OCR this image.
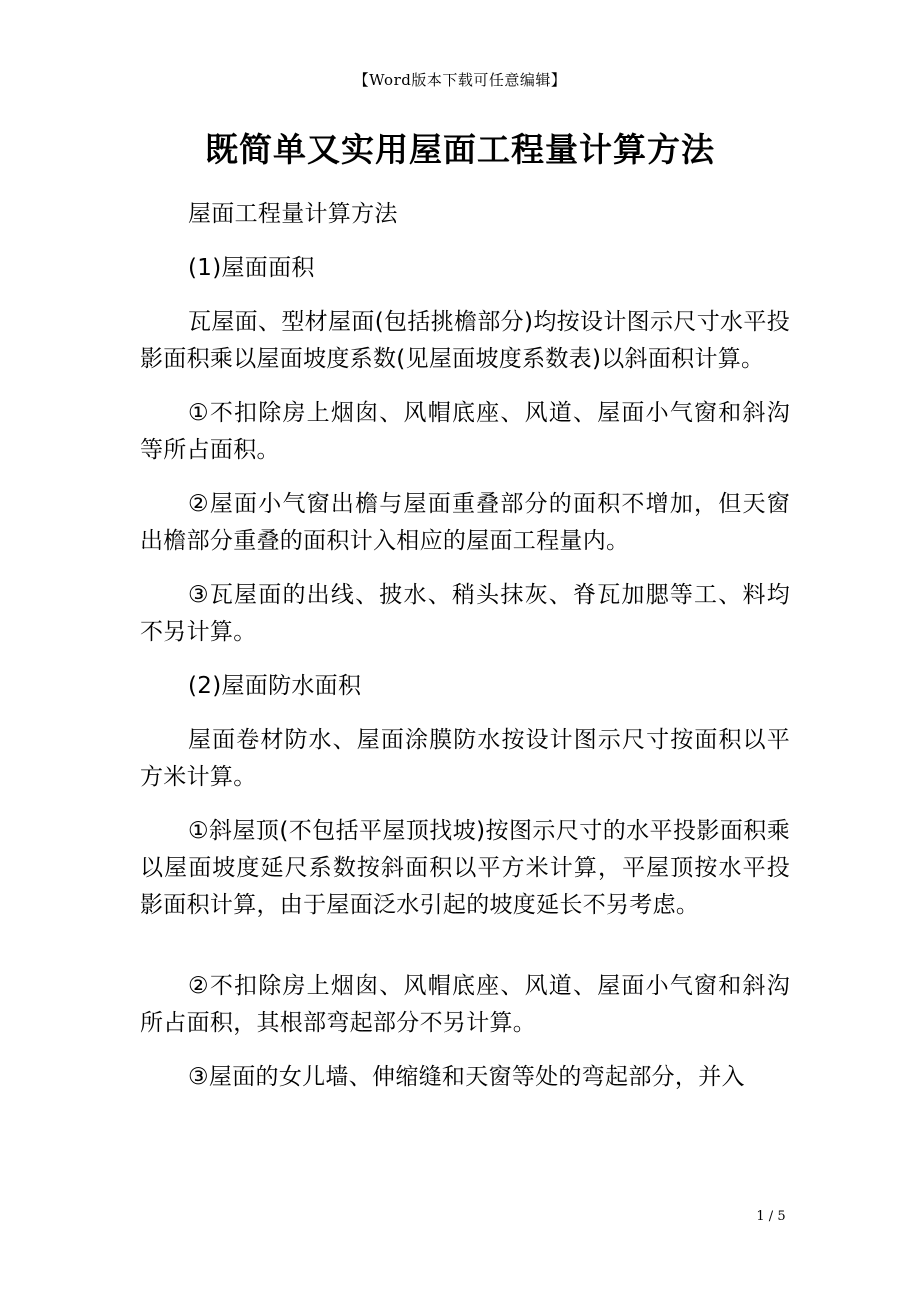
【Word版本下载可任意编辑】
既简单又实用屋面工程量计算方法

屋面工程量计算方法

(1)屋面面积

瓦屋面、型材屋面(包括挑檐部分)均按设计图示尺寸水平投影面积乘以屋面坡度系数(见屋面坡度系数表)以斜面积计算。

①不扣除房上烟囱、风帽底座、风道、屋面小气窗和斜沟等所占面积。

②屋面小气窗出檐与屋面重叠部分的面积不增加，但天窗出檐部分重叠的面积计入相应的屋面工程量内。

③瓦屋面的出线、披水、稍头抹灰、脊瓦加腮等工、料均不另计算。

(2)屋面防水面积

屋面卷材防水、屋面涂膜防水按设计图示尺寸按面积以平方米计算。

①斜屋顶(不包括平屋顶找坡)按图示尺寸的水平投影面积乘以屋面坡度延尺系数按斜面积以平方米计算，平屋顶按水平投影面积计算，由于屋面泛水引起的坡度延长不另考虑。

②不扣除房上烟囱、风帽底座、风道、屋面小气窗和斜沟所占面积，其根部弯起部分不另计算。

③屋面的女儿墙、伸缩缝和天窗等处的弯起部分，并入

1 / 5
